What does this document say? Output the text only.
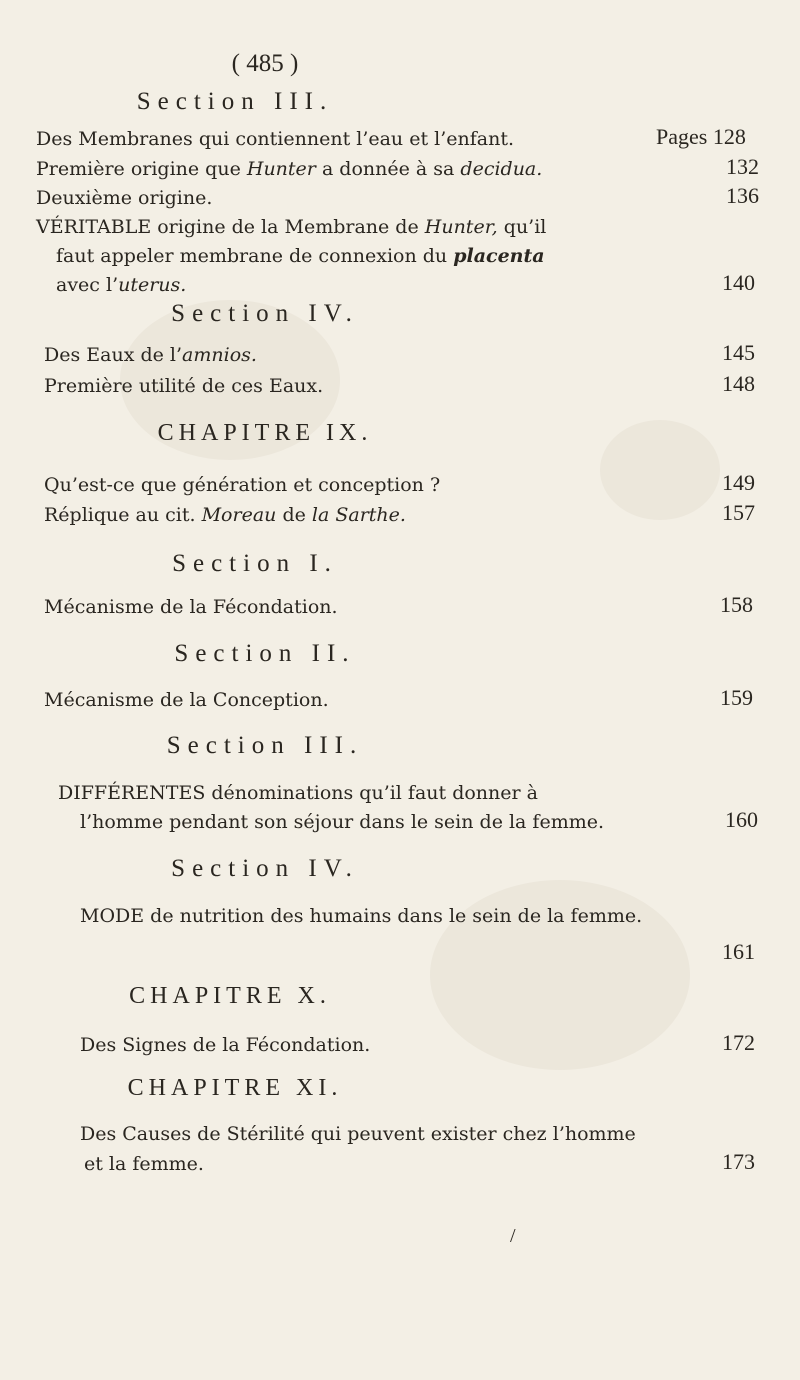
( 485 )
Section III.
Des Membranes qui contiennent l’eau et l’enfant.	Pages 128
Première origine que Hunter a donnée à sa decidua.	132
Deuxième origine.	136
VÉRITABLE origine de la Membrane de Hunter, qu’il
faut appeler membrane de connexion du placenta
avec l’uterus.	140
Section IV.
Des Eaux de l’amnios.	145
Première utilité de ces Eaux.	148
CHAPITRE IX.
Qu’est-ce que génération et conception ?	149
Réplique au cit. Moreau de la Sarthe.	157
Section I.
Mécanisme de la Fécondation.	158
Section II.
Mécanisme de la Conception.	159
Section III.
DIFFÉRENTES dénominations qu’il faut donner à
l’homme pendant son séjour dans le sein de la femme.	160
Section IV.
MODE de nutrition des humains dans le sein de la femme.
161
CHAPITRE X.
Des Signes de la Fécondation.	172
CHAPITRE XI.
Des Causes de Stérilité qui peuvent exister chez l’homme
et la femme.	173
/
